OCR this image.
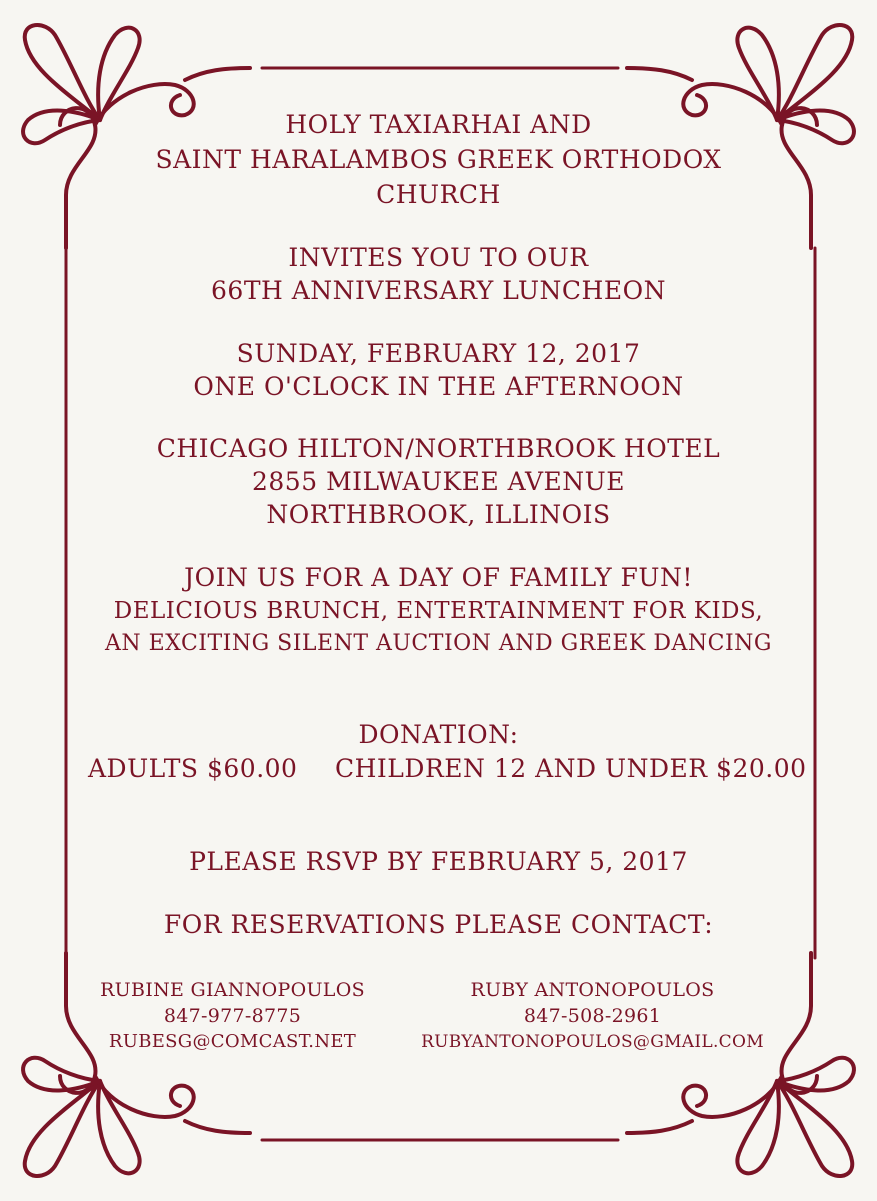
HOLY TAXIARHAI AND
SAINT HARALAMBOS GREEK ORTHODOX
CHURCH
INVITES YOU TO OUR
66TH ANNIVERSARY LUNCHEON
SUNDAY, FEBRUARY 12, 2017
ONE O'CLOCK IN THE AFTERNOON
CHICAGO HILTON/NORTHBROOK HOTEL
2855 MILWAUKEE AVENUE
NORTHBROOK, ILLINOIS
JOIN US FOR A DAY OF FAMILY FUN!
DELICIOUS BRUNCH, ENTERTAINMENT FOR KIDS,
AN EXCITING SILENT AUCTION AND GREEK DANCING
DONATION:
ADULTS $60.00 CHILDREN 12 AND UNDER $20.00
PLEASE RSVP BY FEBRUARY 5, 2017
FOR RESERVATIONS PLEASE CONTACT:
RUBINE GIANNOPOULOS
847-977-8775
RUBESG@COMCAST.NET
RUBY ANTONOPOULOS
847-508-2961
RUBYANTONOPOULOS@GMAIL.COM
